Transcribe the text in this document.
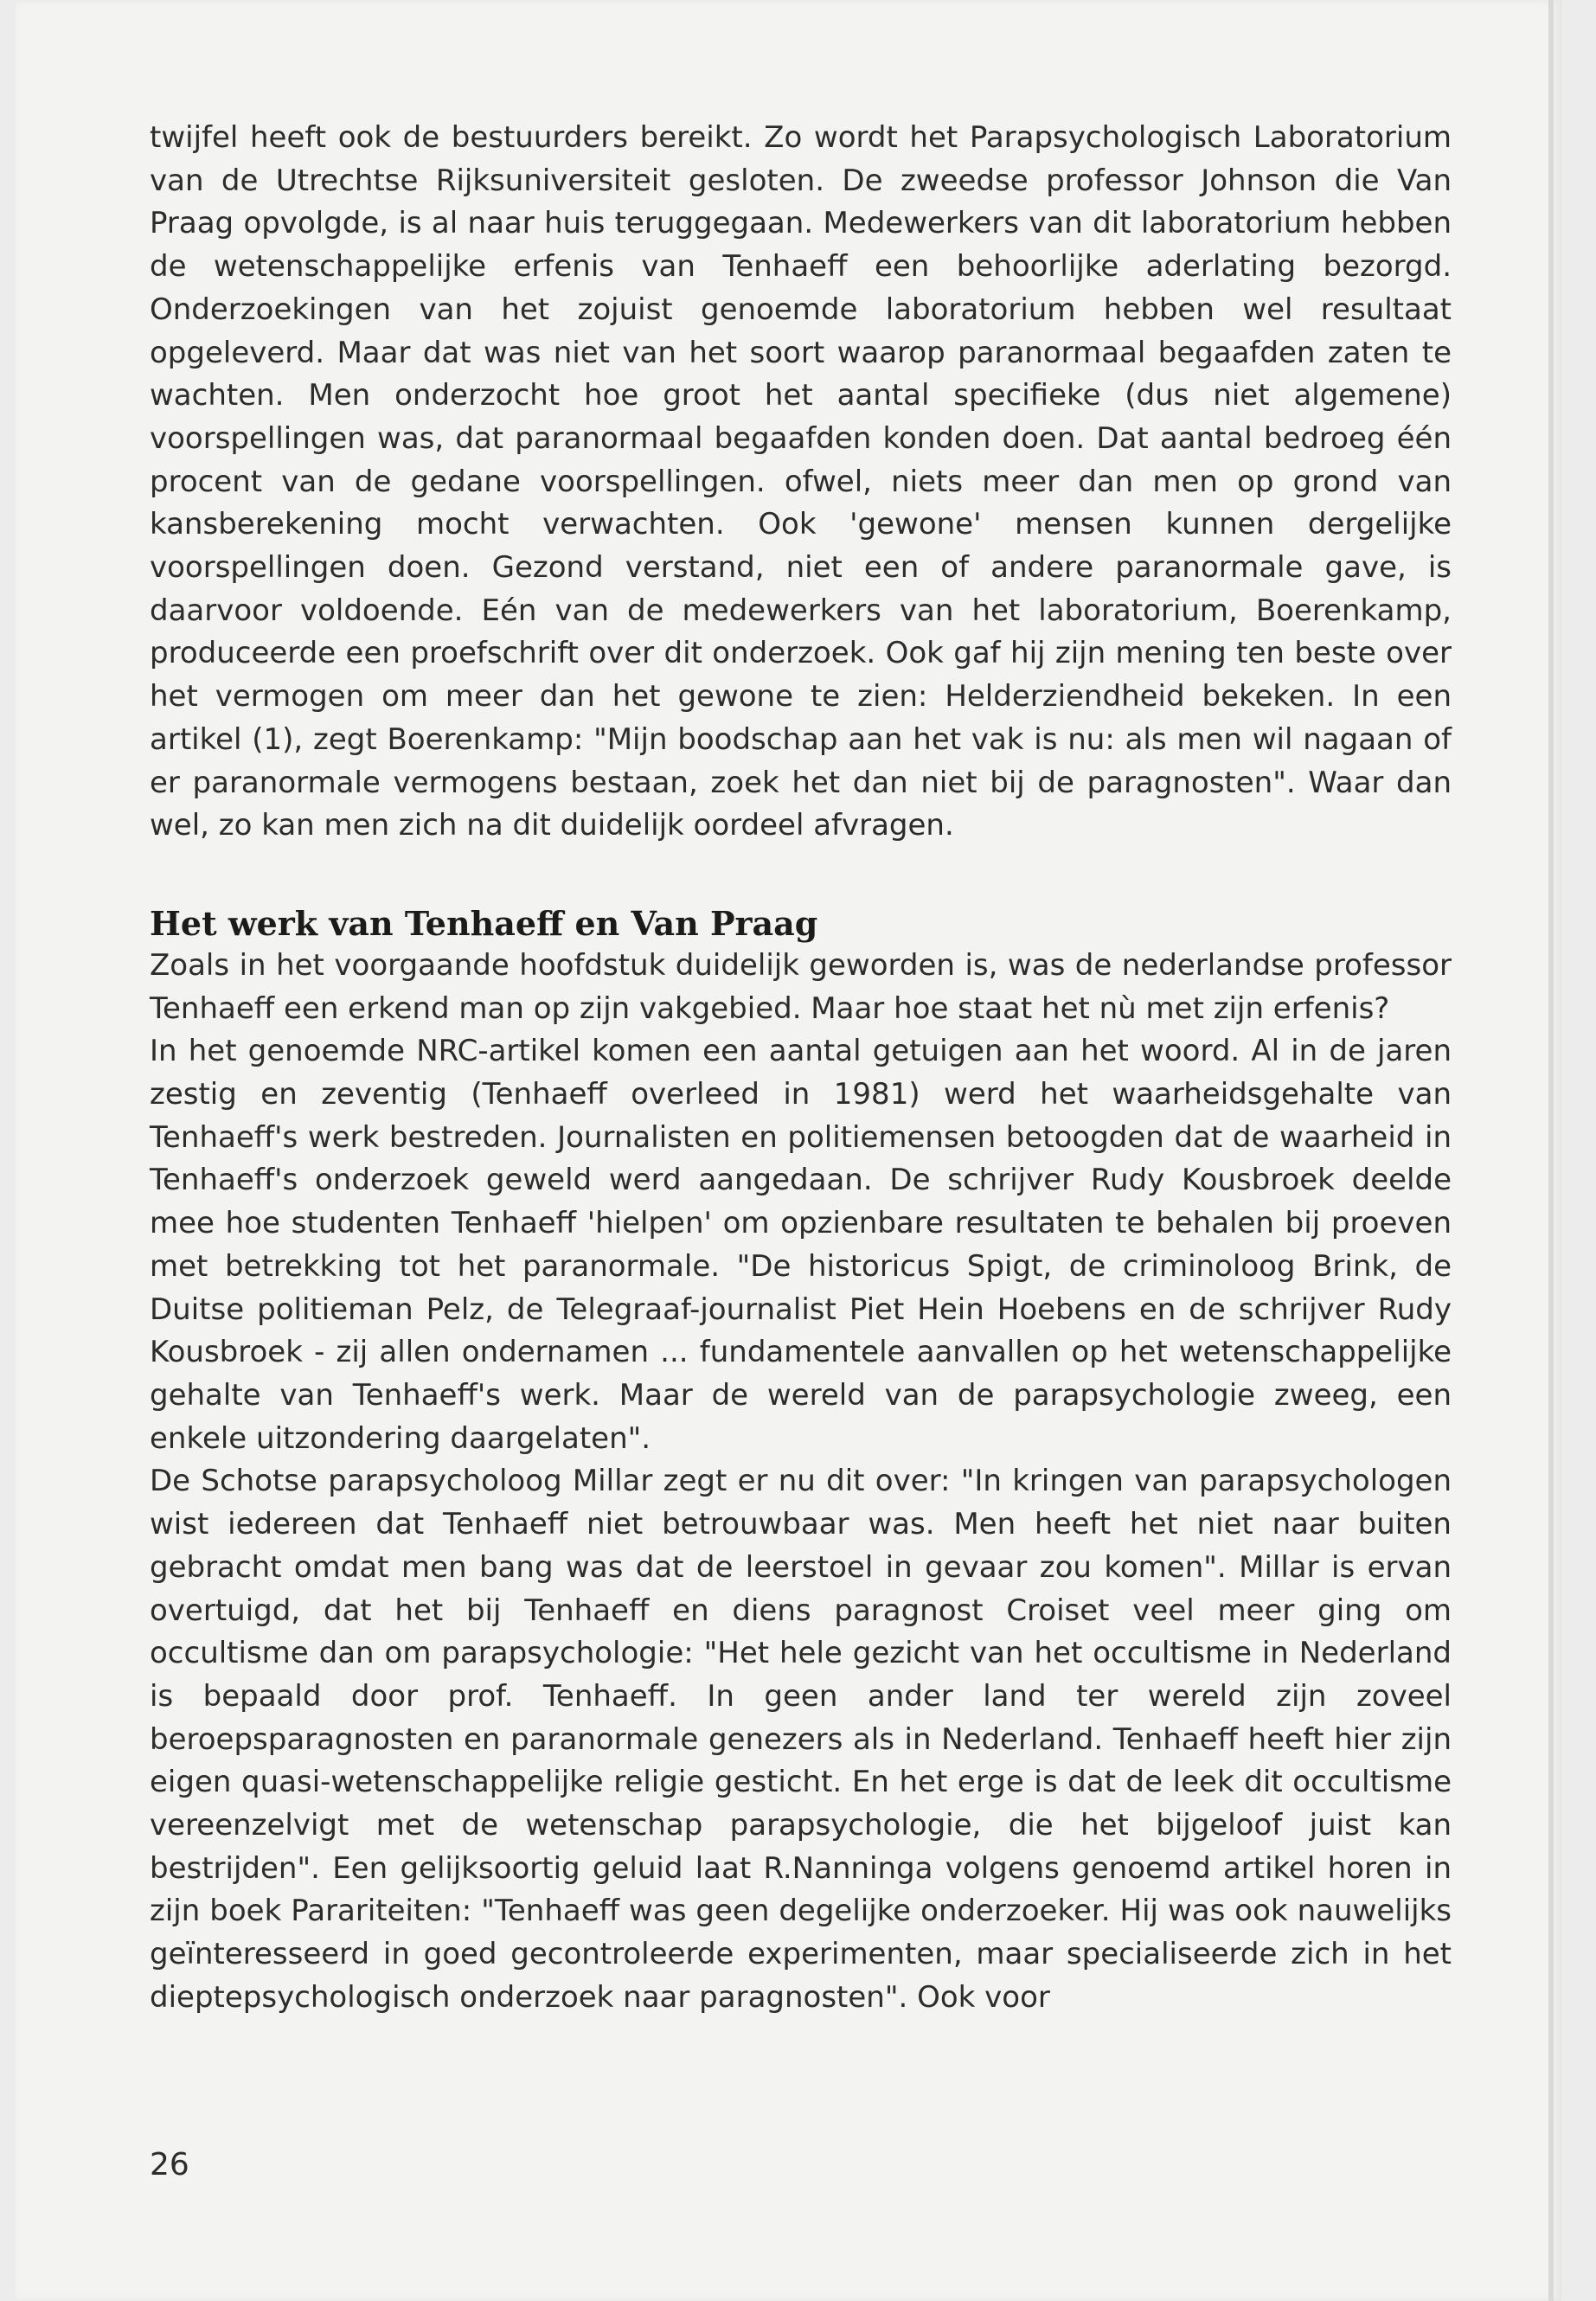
twijfel heeft ook de bestuurders bereikt. Zo wordt het Parapsychologisch Laboratorium van de Utrechtse Rijksuniversiteit gesloten. De zweedse professor Johnson die Van Praag opvolgde, is al naar huis teruggegaan. Medewerkers van dit laboratorium hebben de wetenschappelijke erfenis van Tenhaeff een behoorlijke aderlating bezorgd. Onderzoekingen van het zojuist genoemde laboratorium hebben wel resultaat opgeleverd. Maar dat was niet van het soort waarop paranormaal begaafden zaten te wachten. Men onderzocht hoe groot het aantal specifieke (dus niet algemene) voorspellingen was, dat paranormaal begaafden konden doen. Dat aantal bedroeg één procent van de gedane voorspellingen. ofwel, niets meer dan men op grond van kansberekening mocht verwachten. Ook 'gewone' mensen kunnen dergelijke voorspellingen doen. Gezond verstand, niet een of andere paranormale gave, is daarvoor voldoende. Eén van de medewerkers van het laboratorium, Boerenkamp, produceerde een proefschrift over dit onderzoek. Ook gaf hij zijn mening ten beste over het vermogen om meer dan het gewone te zien: Helderziendheid bekeken. In een artikel (1), zegt Boerenkamp: "Mijn boodschap aan het vak is nu: als men wil nagaan of er paranormale vermogens bestaan, zoek het dan niet bij de paragnosten". Waar dan wel, zo kan men zich na dit duidelijk oordeel afvragen.

Het werk van Tenhaeff en Van Praag

Zoals in het voorgaande hoofdstuk duidelijk geworden is, was de nederlandse professor Tenhaeff een erkend man op zijn vakgebied. Maar hoe staat het nù met zijn erfenis?

In het genoemde NRC-artikel komen een aantal getuigen aan het woord. Al in de jaren zestig en zeventig (Tenhaeff overleed in 1981) werd het waarheidsgehalte van Tenhaeff's werk bestreden. Journalisten en politiemensen betoogden dat de waarheid in Tenhaeff's onderzoek geweld werd aangedaan. De schrijver Rudy Kousbroek deelde mee hoe studenten Tenhaeff 'hielpen' om opzienbare resultaten te behalen bij proeven met betrekking tot het paranormale. "De historicus Spigt, de criminoloog Brink, de Duitse politieman Pelz, de Telegraaf-journalist Piet Hein Hoebens en de schrijver Rudy Kousbroek - zij allen ondernamen ... fundamentele aanvallen op het wetenschappelijke gehalte van Tenhaeff's werk. Maar de wereld van de parapsychologie zweeg, een enkele uitzondering daargelaten".

De Schotse parapsycholoog Millar zegt er nu dit over: "In kringen van parapsychologen wist iedereen dat Tenhaeff niet betrouwbaar was. Men heeft het niet naar buiten gebracht omdat men bang was dat de leerstoel in gevaar zou komen". Millar is ervan overtuigd, dat het bij Tenhaeff en diens paragnost Croiset veel meer ging om occultisme dan om parapsychologie: "Het hele gezicht van het occultisme in Nederland is bepaald door prof. Tenhaeff. In geen ander land ter wereld zijn zoveel beroepsparagnosten en paranormale genezers als in Nederland. Tenhaeff heeft hier zijn eigen quasi-wetenschappelijke religie gesticht. En het erge is dat de leek dit occultisme vereenzelvigt met de wetenschap parapsychologie, die het bijgeloof juist kan bestrijden". Een gelijksoortig geluid laat R.Nanninga volgens genoemd artikel horen in zijn boek Parariteiten: "Tenhaeff was geen degelijke onderzoeker. Hij was ook nauwelijks geïnteresseerd in goed gecontroleerde experimenten, maar specialiseerde zich in het dieptepsychologisch onderzoek naar paragnosten". Ook voor

26
